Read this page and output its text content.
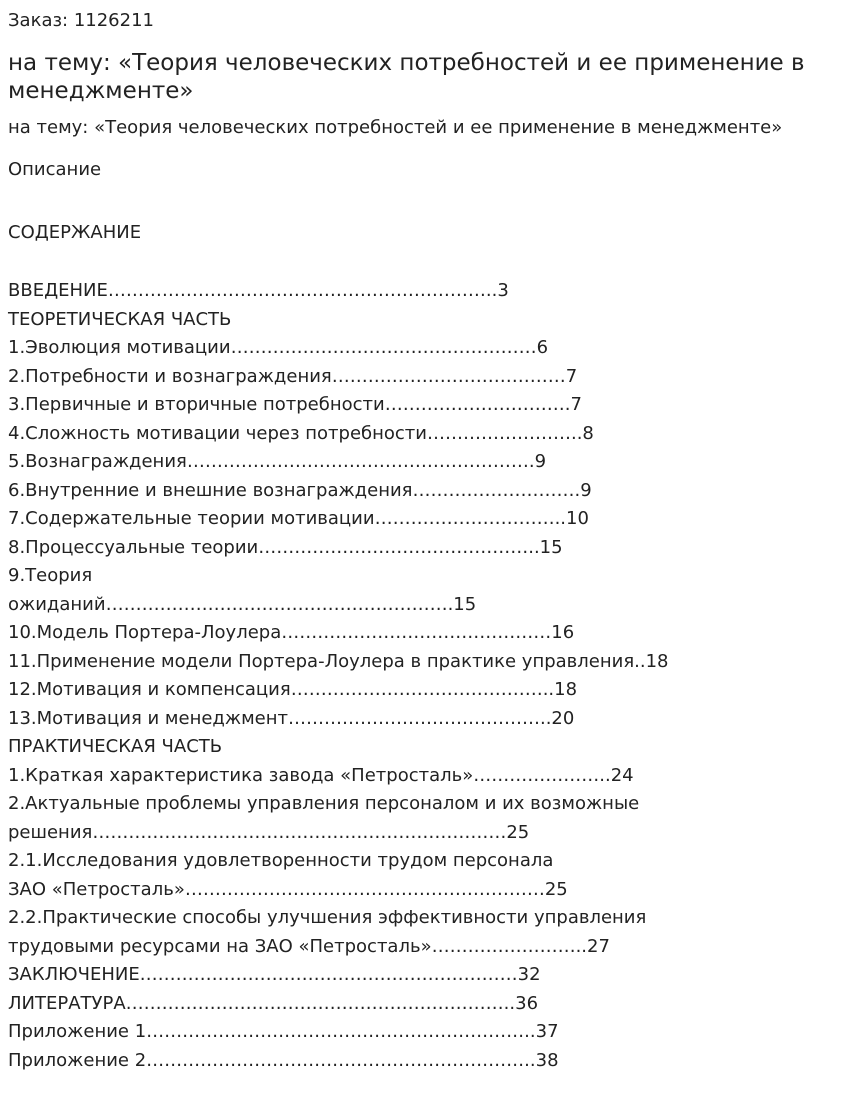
Заказ: 1126211

на тему: «Теория человеческих потребностей и ее применение в менеджменте»

на тему: «Теория человеческих потребностей и ее применение в менеджменте»

Описание

СОДЕРЖАНИЕ

ВВЕДЕНИЕ………………………………………………………..3
ТЕОРЕТИЧЕСКАЯ ЧАСТЬ
1.Эволюция мотивации……………………………………………6
2.Потребности и вознаграждения…………………………………7
3.Первичные и вторичные потребности………………………….7
4.Сложность мотивации через потребности……………………..8
5.Вознаграждения………………………………………………….9
6.Внутренние и внешние вознаграждения……………………….9
7.Содержательные теории мотивации…………………………..10
8.Процессуальные теории………………………………………..15
9.Теория
ожиданий………………………………………………….15
10.Модель Портера-Лоулера………………………………………16
11.Применение модели Портера-Лоулера в практике управления..18
12.Мотивация и компенсация……………………………………..18
13.Мотивация и менеджмент……………………………………..20
ПРАКТИЧЕСКАЯ ЧАСТЬ
1.Краткая характеристика завода «Петросталь»…………………..24
2.Актуальные проблемы управления персоналом и их возможные
решения……………………………………………………………25
2.1.Исследования удовлетворенности трудом персонала
ЗАО «Петросталь»……………………………………………………25
2.2.Практические способы улучшения эффективности управления
трудовыми ресурсами на ЗАО «Петросталь»……………………..27
ЗАКЛЮЧЕНИЕ………………………………………………………32
ЛИТЕРАТУРА………………………………………………………..36
Приложение 1………………………………………………………..37
Приложение 2………………………………………………………..38
